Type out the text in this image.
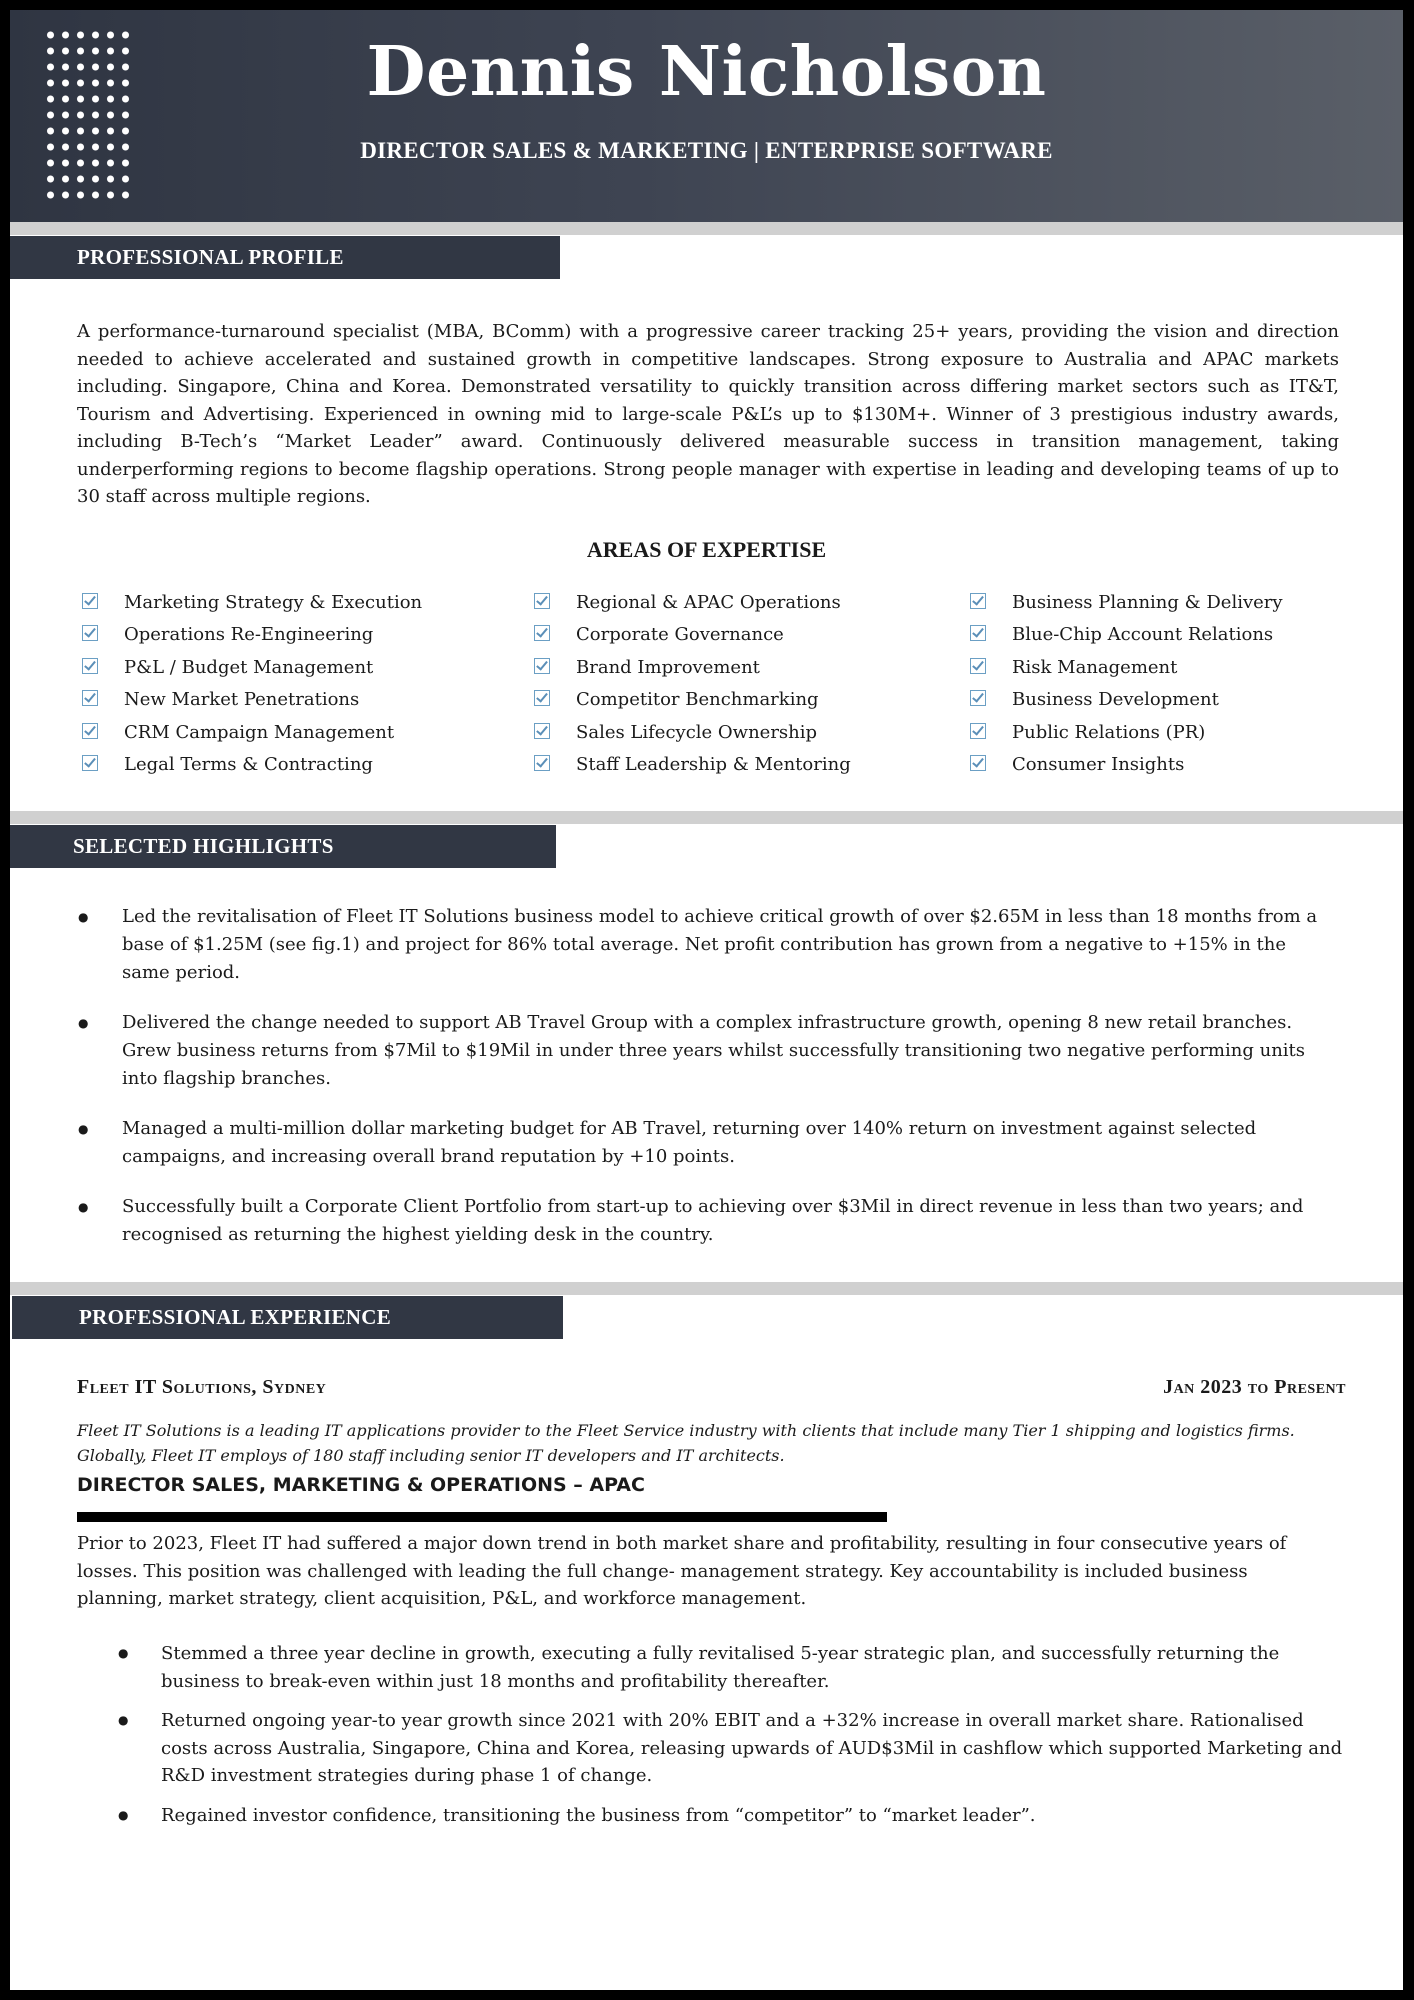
Dennis Nicholson
DIRECTOR SALES & MARKETING | ENTERPRISE SOFTWARE
PROFESSIONAL PROFILE
A performance-turnaround specialist (MBA, BComm) with a progressive career tracking 25+ years, providing the vision and direction needed to achieve accelerated and sustained growth in competitive landscapes. Strong exposure to Australia and APAC markets including. Singapore, China and Korea. Demonstrated versatility to quickly transition across differing market sectors such as IT&T, Tourism and Advertising. Experienced in owning mid to large-scale P&L’s up to $130M+. Winner of 3 prestigious industry awards, including B-Tech’s “Market Leader” award. Continuously delivered measurable success in transition management, taking underperforming regions to become flagship operations. Strong people manager with expertise in leading and developing teams of up to 30 staff across multiple regions.
AREAS OF EXPERTISE
Marketing Strategy & Execution
Operations Re-Engineering
P&L / Budget Management
New Market Penetrations
CRM Campaign Management
Legal Terms & Contracting
Regional & APAC Operations
Corporate Governance
Brand Improvement
Competitor Benchmarking
Sales Lifecycle Ownership
Staff Leadership & Mentoring
Business Planning & Delivery
Blue-Chip Account Relations
Risk Management
Business Development
Public Relations (PR)
Consumer Insights
SELECTED HIGHLIGHTS
● Led the revitalisation of Fleet IT Solutions business model to achieve critical growth of over $2.65M in less than 18 months from a base of $1.25M (see fig.1) and project for 86% total average. Net profit contribution has grown from a negative to +15% in the same period.
● Delivered the change needed to support AB Travel Group with a complex infrastructure growth, opening 8 new retail branches. Grew business returns from $7Mil to $19Mil in under three years whilst successfully transitioning two negative performing units into flagship branches.
● Managed a multi-million dollar marketing budget for AB Travel, returning over 140% return on investment against selected campaigns, and increasing overall brand reputation by +10 points.
● Successfully built a Corporate Client Portfolio from start-up to achieving over $3Mil in direct revenue in less than two years; and recognised as returning the highest yielding desk in the country.
PROFESSIONAL EXPERIENCE
Fleet IT Solutions, Sydney	Jan 2023 to Present
Fleet IT Solutions is a leading IT applications provider to the Fleet Service industry with clients that include many Tier 1 shipping and logistics firms. Globally, Fleet IT employs of 180 staff including senior IT developers and IT architects.
DIRECTOR SALES, MARKETING & OPERATIONS – APAC
Prior to 2023, Fleet IT had suffered a major down trend in both market share and profitability, resulting in four consecutive years of losses. This position was challenged with leading the full change- management strategy. Key accountability is included business planning, market strategy, client acquisition, P&L, and workforce management.
● Stemmed a three year decline in growth, executing a fully revitalised 5-year strategic plan, and successfully returning the business to break-even within just 18 months and profitability thereafter.
● Returned ongoing year-to year growth since 2021 with 20% EBIT and a +32% increase in overall market share. Rationalised costs across Australia, Singapore, China and Korea, releasing upwards of AUD$3Mil in cashflow which supported Marketing and R&D investment strategies during phase 1 of change.
● Regained investor confidence, transitioning the business from “competitor” to “market leader”.
